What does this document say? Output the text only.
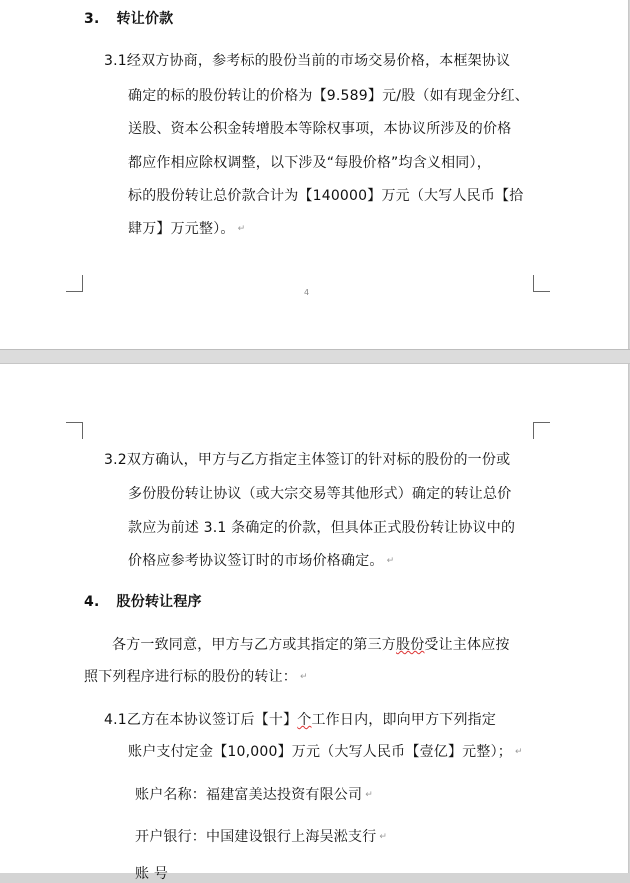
3. 转让价款
3.1经双方协商，参考标的股份当前的市场交易价格，本框架协议
确定的标的股份转让的价格为【9.589】元/股（如有现金分红、
送股、资本公积金转增股本等除权事项，本协议所涉及的价格
都应作相应除权调整，以下涉及“每股价格”均含义相同），
标的股份转让总价款合计为【140000】万元（大写人民币【拾
肆万】万元整）。 ↵
4
3.2双方确认，甲方与乙方指定主体签订的针对标的股份的一份或
多份股份转让协议（或大宗交易等其他形式）确定的转让总价
款应为前述 3.1 条确定的价款，但具体正式股份转让协议中的
价格应参考协议签订时的市场价格确定。 ↵
4. 股份转让程序
各方一致同意，甲方与乙方或其指定的第三方股份受让主体应按
照下列程序进行标的股份的转让： ↵
4.1乙方在本协议签订后【十】个工作日内，即向甲方下列指定
账户支付定金【10,000】万元（大写人民币【壹亿】元整）； ↵
账户名称：福建富美达投资有限公司 ↵
开户银行：中国建设银行上海吴淞支行 ↵
账 号
